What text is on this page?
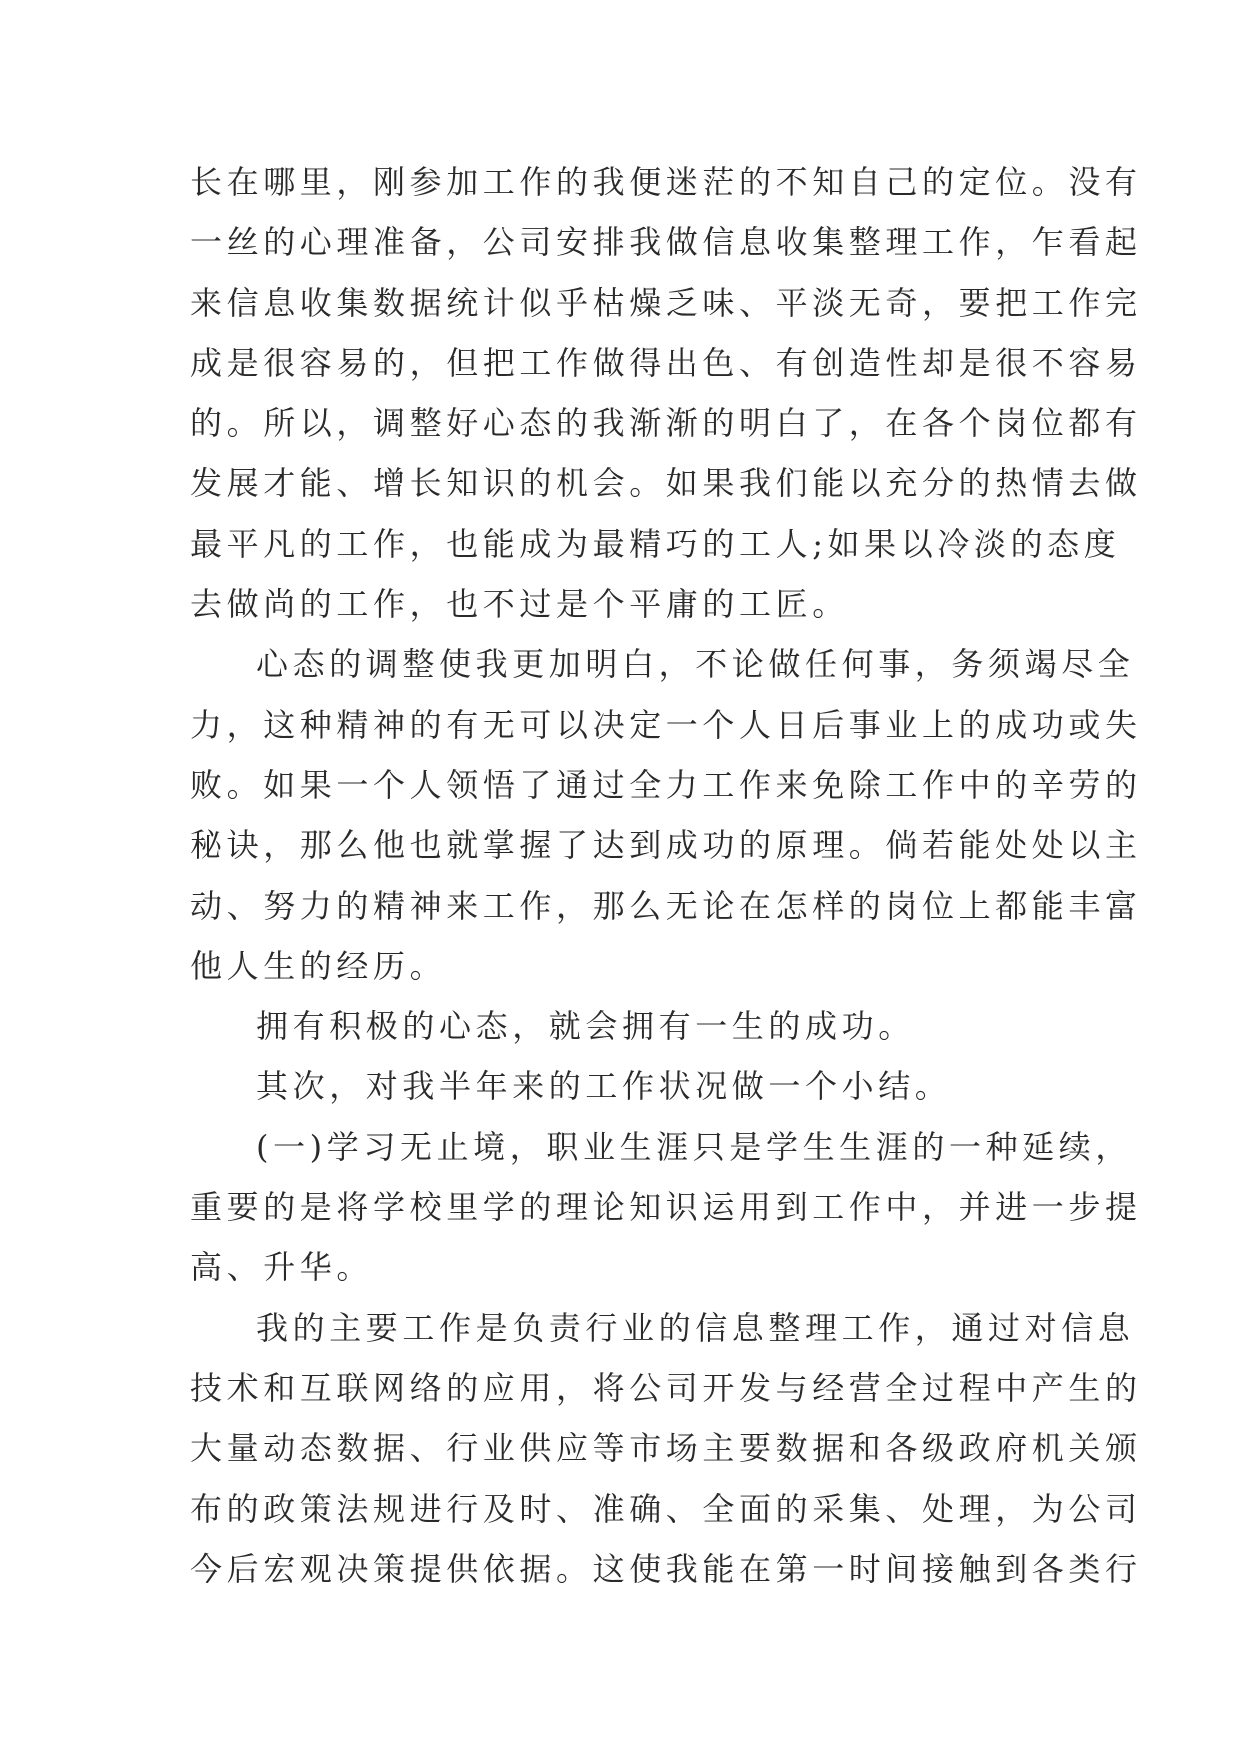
长在哪里，刚参加工作的我便迷茫的不知自己的定位。没有
一丝的心理准备，公司安排我做信息收集整理工作，乍看起
来信息收集数据统计似乎枯燥乏味、平淡无奇，要把工作完
成是很容易的，但把工作做得出色、有创造性却是很不容易
的。所以，调整好心态的我渐渐的明白了，在各个岗位都有
发展才能、增长知识的机会。如果我们能以充分的热情去做
最平凡的工作，也能成为最精巧的工人;如果以冷淡的态度
去做尚的工作，也不过是个平庸的工匠。
心态的调整使我更加明白，不论做任何事，务须竭尽全
力，这种精神的有无可以决定一个人日后事业上的成功或失
败。如果一个人领悟了通过全力工作来免除工作中的辛劳的
秘诀，那么他也就掌握了达到成功的原理。倘若能处处以主
动、努力的精神来工作，那么无论在怎样的岗位上都能丰富
他人生的经历。
拥有积极的心态，就会拥有一生的成功。
其次，对我半年来的工作状况做一个小结。
(一)学习无止境，职业生涯只是学生生涯的一种延续，
重要的是将学校里学的理论知识运用到工作中，并进一步提
高、升华。
我的主要工作是负责行业的信息整理工作，通过对信息
技术和互联网络的应用，将公司开发与经营全过程中产生的
大量动态数据、行业供应等市场主要数据和各级政府机关颁
布的政策法规进行及时、准确、全面的采集、处理，为公司
今后宏观决策提供依据。这使我能在第一时间接触到各类行
